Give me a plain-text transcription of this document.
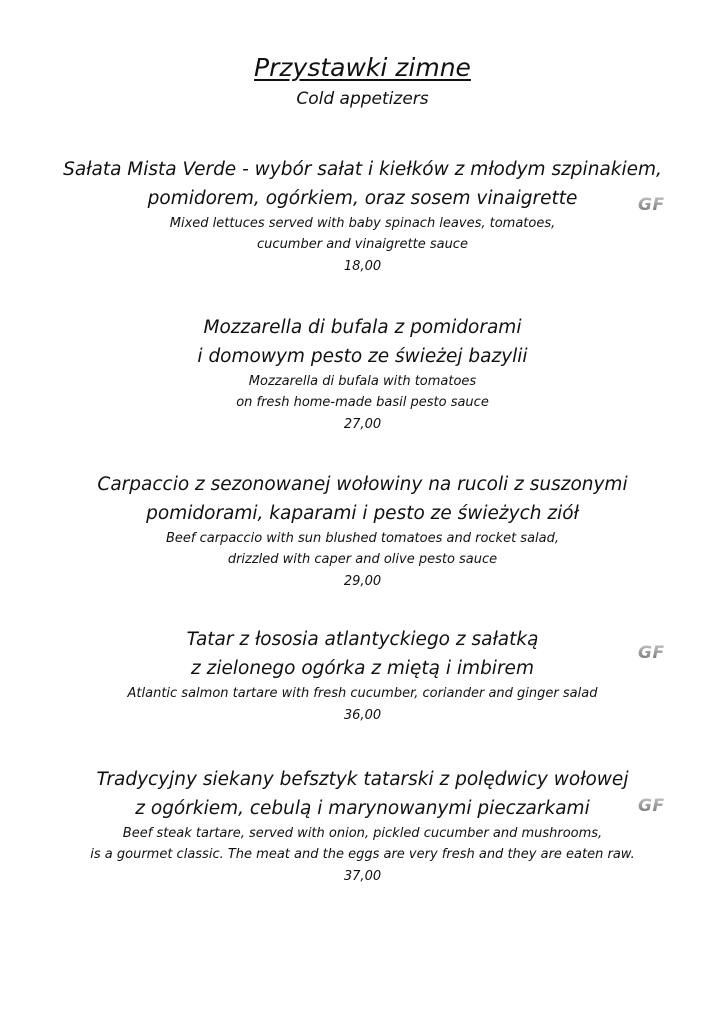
Przystawki zimne
Cold appetizers
Sałata Mista Verde - wybór sałat i kiełków z młodym szpinakiem,
pomidorem, ogórkiem, oraz sosem vinaigrette
Mixed lettuces served with baby spinach leaves, tomatoes,
cucumber and vinaigrette sauce
18,00
GF
Mozzarella di bufala z pomidorami
i domowym pesto ze świeżej bazylii
Mozzarella di bufala with tomatoes
on fresh home-made basil pesto sauce
27,00
Carpaccio z sezonowanej wołowiny na rucoli z suszonymi
pomidorami, kaparami i pesto ze świeżych ziół
Beef carpaccio with sun blushed tomatoes and rocket salad,
drizzled with caper and olive pesto sauce
29,00
Tatar z łososia atlantyckiego z sałatką
z zielonego ogórka z miętą i imbirem
Atlantic salmon tartare with fresh cucumber, coriander and ginger salad
36,00
GF
Tradycyjny siekany befsztyk tatarski z polędwicy wołowej
z ogórkiem, cebulą i marynowanymi pieczarkami
Beef steak tartare, served with onion, pickled cucumber and mushrooms,
is a gourmet classic. The meat and the eggs are very fresh and they are eaten raw.
37,00
GF
